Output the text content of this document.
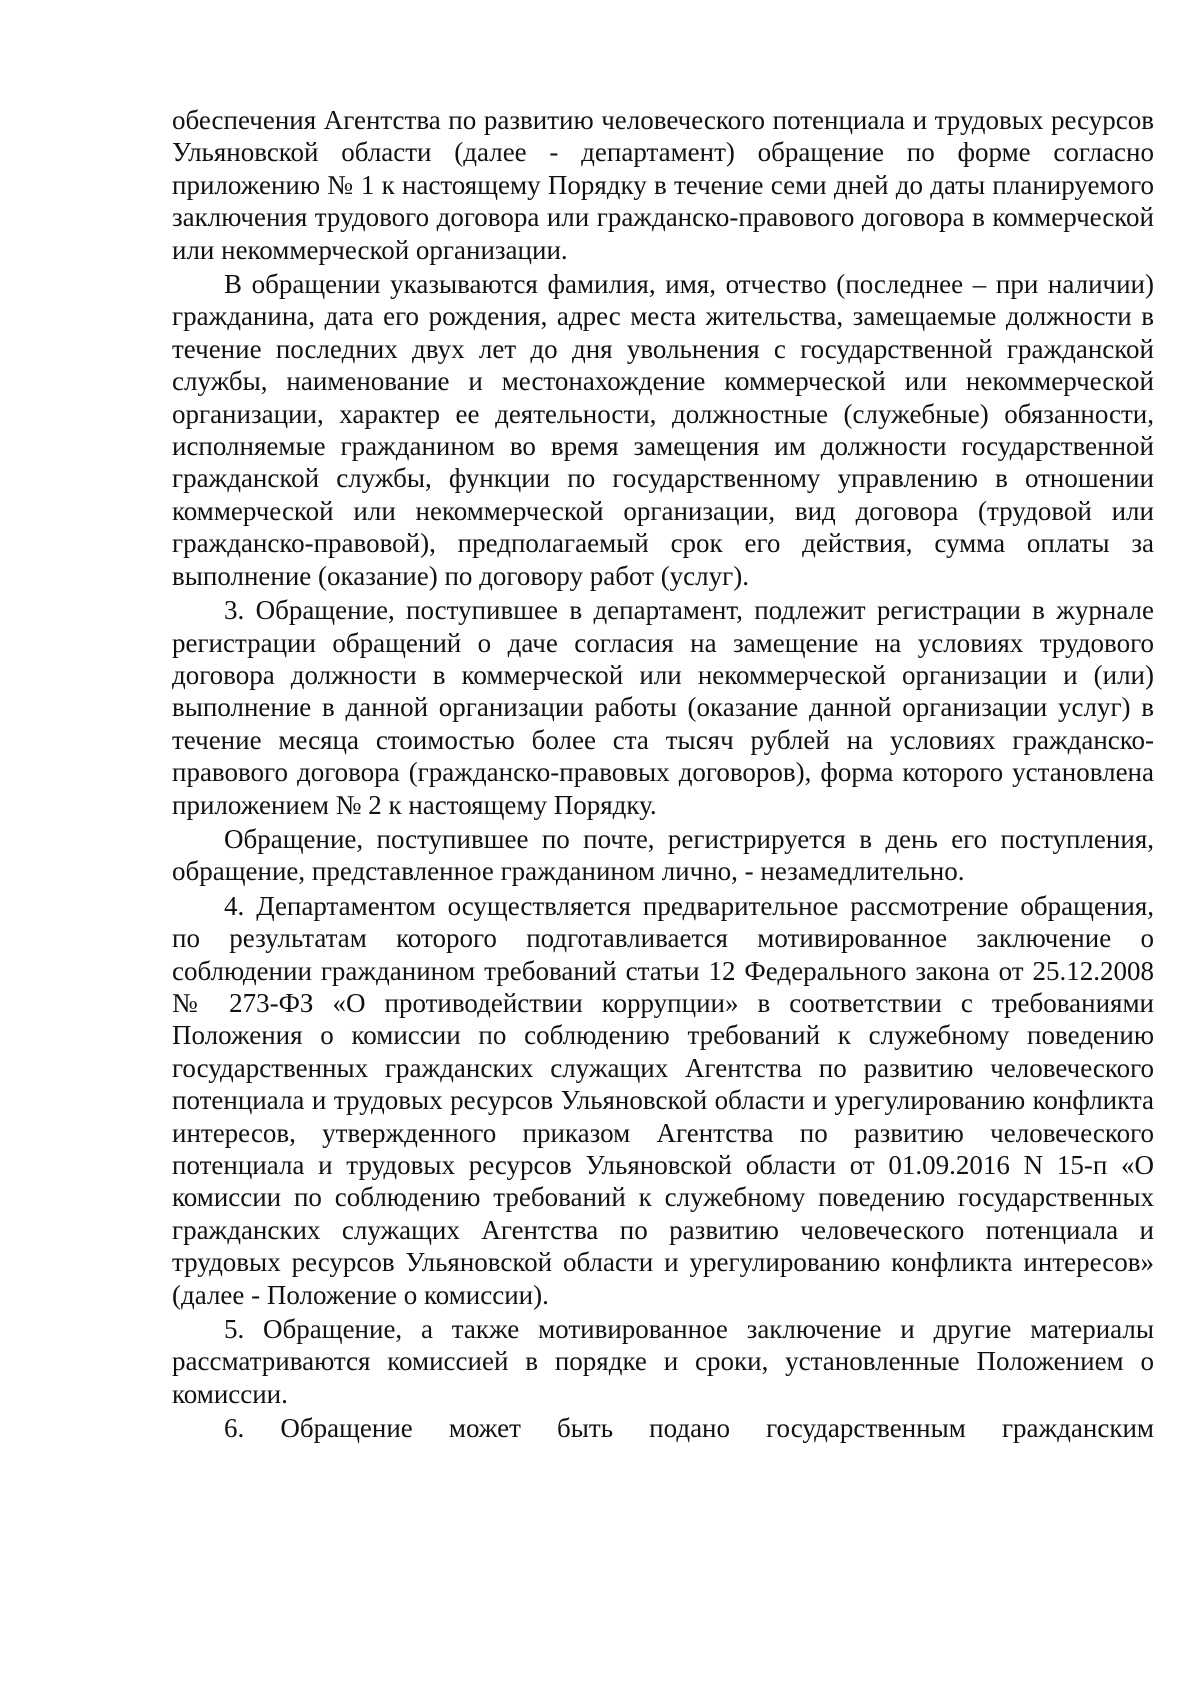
обеспечения Агентства по развитию человеческого потенциала и трудовых ресурсов Ульяновской области (далее - департамент) обращение по форме согласно приложению № 1 к настоящему Порядку в течение семи дней до даты планируемого заключения трудового договора или гражданско-правового договора в коммерческой или некоммерческой организации.

В обращении указываются фамилия, имя, отчество (последнее – при наличии) гражданина, дата его рождения, адрес места жительства, замещаемые должности в течение последних двух лет до дня увольнения с государственной гражданской службы, наименование и местонахождение коммерческой или некоммерческой организации, характер ее деятельности, должностные (служебные) обязанности, исполняемые гражданином во время замещения им должности государственной гражданской службы, функции по государственному управлению в отношении коммерческой или некоммерческой организации, вид договора (трудовой или гражданско-правовой), предполагаемый срок его действия, сумма оплаты за выполнение (оказание) по договору работ (услуг).

3. Обращение, поступившее в департамент, подлежит регистрации в журнале регистрации обращений о даче согласия на замещение на условиях трудового договора должности в коммерческой или некоммерческой организации и (или) выполнение в данной организации работы (оказание данной организации услуг) в течение месяца стоимостью более ста тысяч рублей на условиях гражданско-правового договора (гражданско-правовых договоров), форма которого установлена приложением № 2 к настоящему Порядку.

Обращение, поступившее по почте, регистрируется в день его поступления, обращение, представленное гражданином лично, - незамедлительно.

4. Департаментом осуществляется предварительное рассмотрение обращения, по результатам которого подготавливается мотивированное заключение о соблюдении гражданином требований статьи 12 Федерального закона от 25.12.2008 № 273-ФЗ «О противодействии коррупции» в соответствии с требованиями Положения о комиссии по соблюдению требований к служебному поведению государственных гражданских служащих Агентства по развитию человеческого потенциала и трудовых ресурсов Ульяновской области и урегулированию конфликта интересов, утвержденного приказом Агентства по развитию человеческого потенциала и трудовых ресурсов Ульяновской области от 01.09.2016 N 15-п «О комиссии по соблюдению требований к служебному поведению государственных гражданских служащих Агентства по развитию человеческого потенциала и трудовых ресурсов Ульяновской области и урегулированию конфликта интересов» (далее - Положение о комиссии).

5. Обращение, а также мотивированное заключение и другие материалы рассматриваются комиссией в порядке и сроки, установленные Положением о комиссии.

6. Обращение может быть подано государственным гражданским
